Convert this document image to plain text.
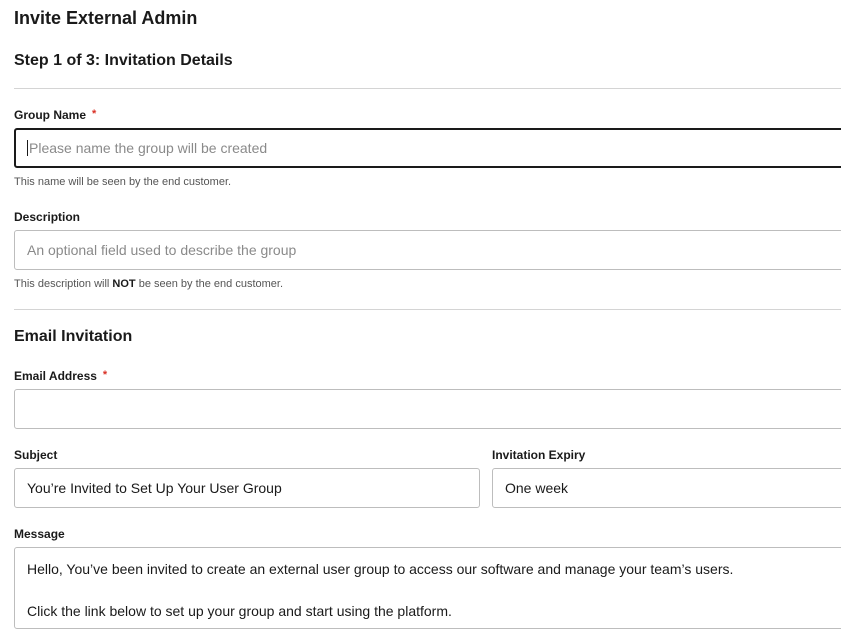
Invite External Admin
Step 1 of 3: Invitation Details
Group Name *
Please name the group will be created
This name will be seen by the end customer.
Description
An optional field used to describe the group
This description will NOT be seen by the end customer.
Email Invitation
Email Address *
Subject
You’re Invited to Set Up Your User Group
Invitation Expiry
One week
Message

Hello, You’ve been invited to create an external user group to access our software and manage your team’s users.

Click the link below to set up your group and start using the platform.
